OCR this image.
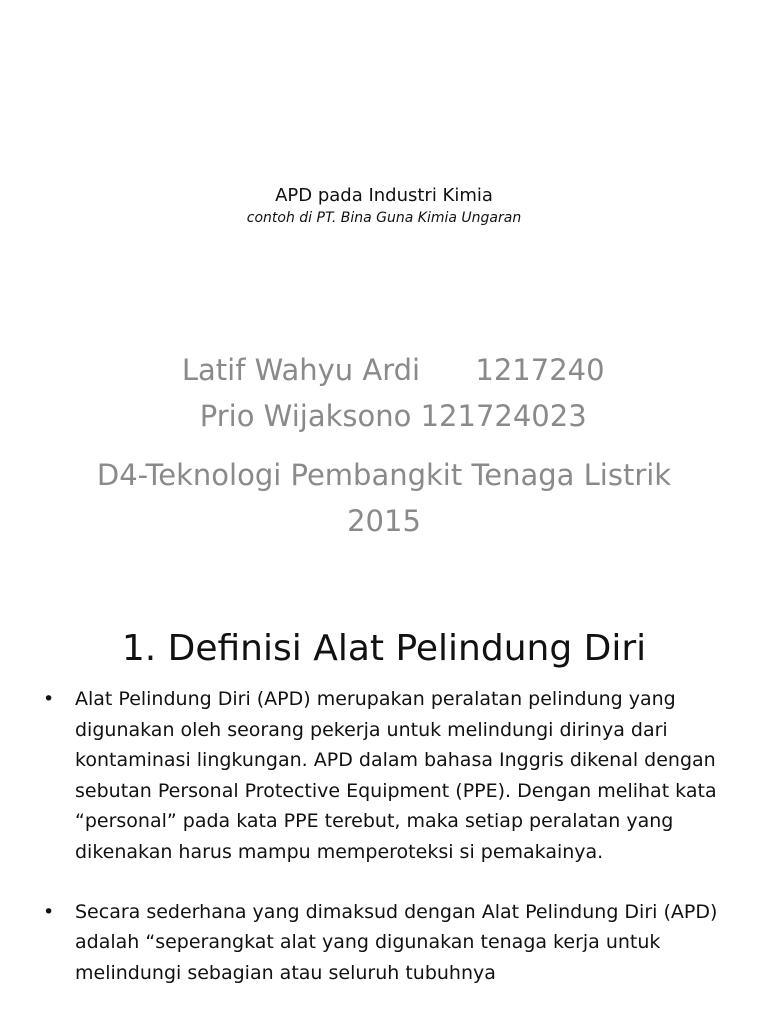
APD pada Industri Kimia
contoh di PT. Bina Guna Kimia Ungaran

Latif Wahyu Ardi 1217240

Prio Wijaksono 121724023

D4-Teknologi Pembangkit Tenaga Listrik
2015
1. Definisi Alat Pelindung Diri
• Alat Pelindung Diri (APD) merupakan peralatan pelindung yang digunakan oleh seorang pekerja untuk melindungi dirinya dari kontaminasi lingkungan. APD dalam bahasa Inggris dikenal dengan sebutan Personal Protective Equipment (PPE). Dengan melihat kata “personal” pada kata PPE terebut, maka setiap peralatan yang dikenakan harus mampu memperoteksi si pemakainya.
• Secara sederhana yang dimaksud dengan Alat Pelindung Diri (APD) adalah “seperangkat alat yang digunakan tenaga kerja untuk melindungi sebagian atau seluruh tubuhnya
